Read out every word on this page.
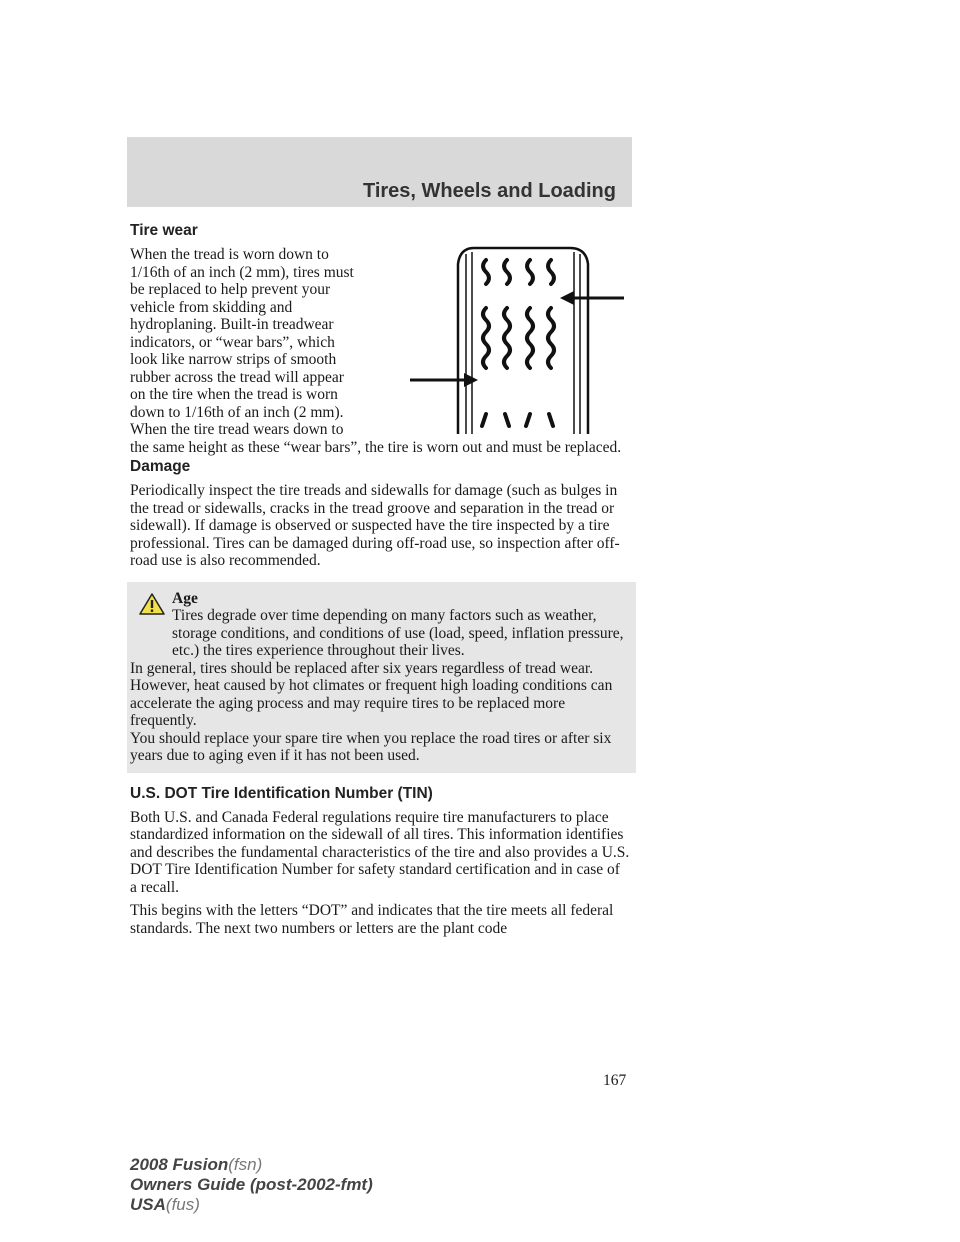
Tires, Wheels and Loading
Tire wear

When the tread is worn down to

1/16th of an inch (2 mm), tires must

be replaced to help prevent your

vehicle from skidding and

hydroplaning. Built-in treadwear

indicators, or “wear bars”, which

look like narrow strips of smooth

rubber across the tread will appear

on the tire when the tread is worn

down to 1/16th of an inch (2 mm).

When the tire tread wears down to

the same height as these “wear bars”, the tire is worn out and must be replaced.

Damage

Periodically inspect the tire treads and sidewalls for damage (such as bulges in the tread or sidewalls, cracks in the tread groove and separation in the tread or sidewall). If damage is observed or suspected have the tire inspected by a tire professional. Tires can be damaged during off-road use, so inspection after off-road use is also recommended.

Age

Tires degrade over time depending on many factors such as weather, storage conditions, and conditions of use (load, speed, inflation pressure, etc.) the tires experience throughout their lives.

In general, tires should be replaced after six years regardless of tread wear. However, heat caused by hot climates or frequent high loading conditions can accelerate the aging process and may require tires to be replaced more frequently.

You should replace your spare tire when you replace the road tires or after six years due to aging even if it has not been used.

U.S. DOT Tire Identification Number (TIN)

Both U.S. and Canada Federal regulations require tire manufacturers to place standardized information on the sidewall of all tires. This information identifies and describes the fundamental characteristics of the tire and also provides a U.S. DOT Tire Identification Number for safety standard certification and in case of a recall.

This begins with the letters “DOT” and indicates that the tire meets all federal standards. The next two numbers or letters are the plant code

167
2008 Fusion(fsn)
Owners Guide (post-2002-fmt)
USA(fus)
